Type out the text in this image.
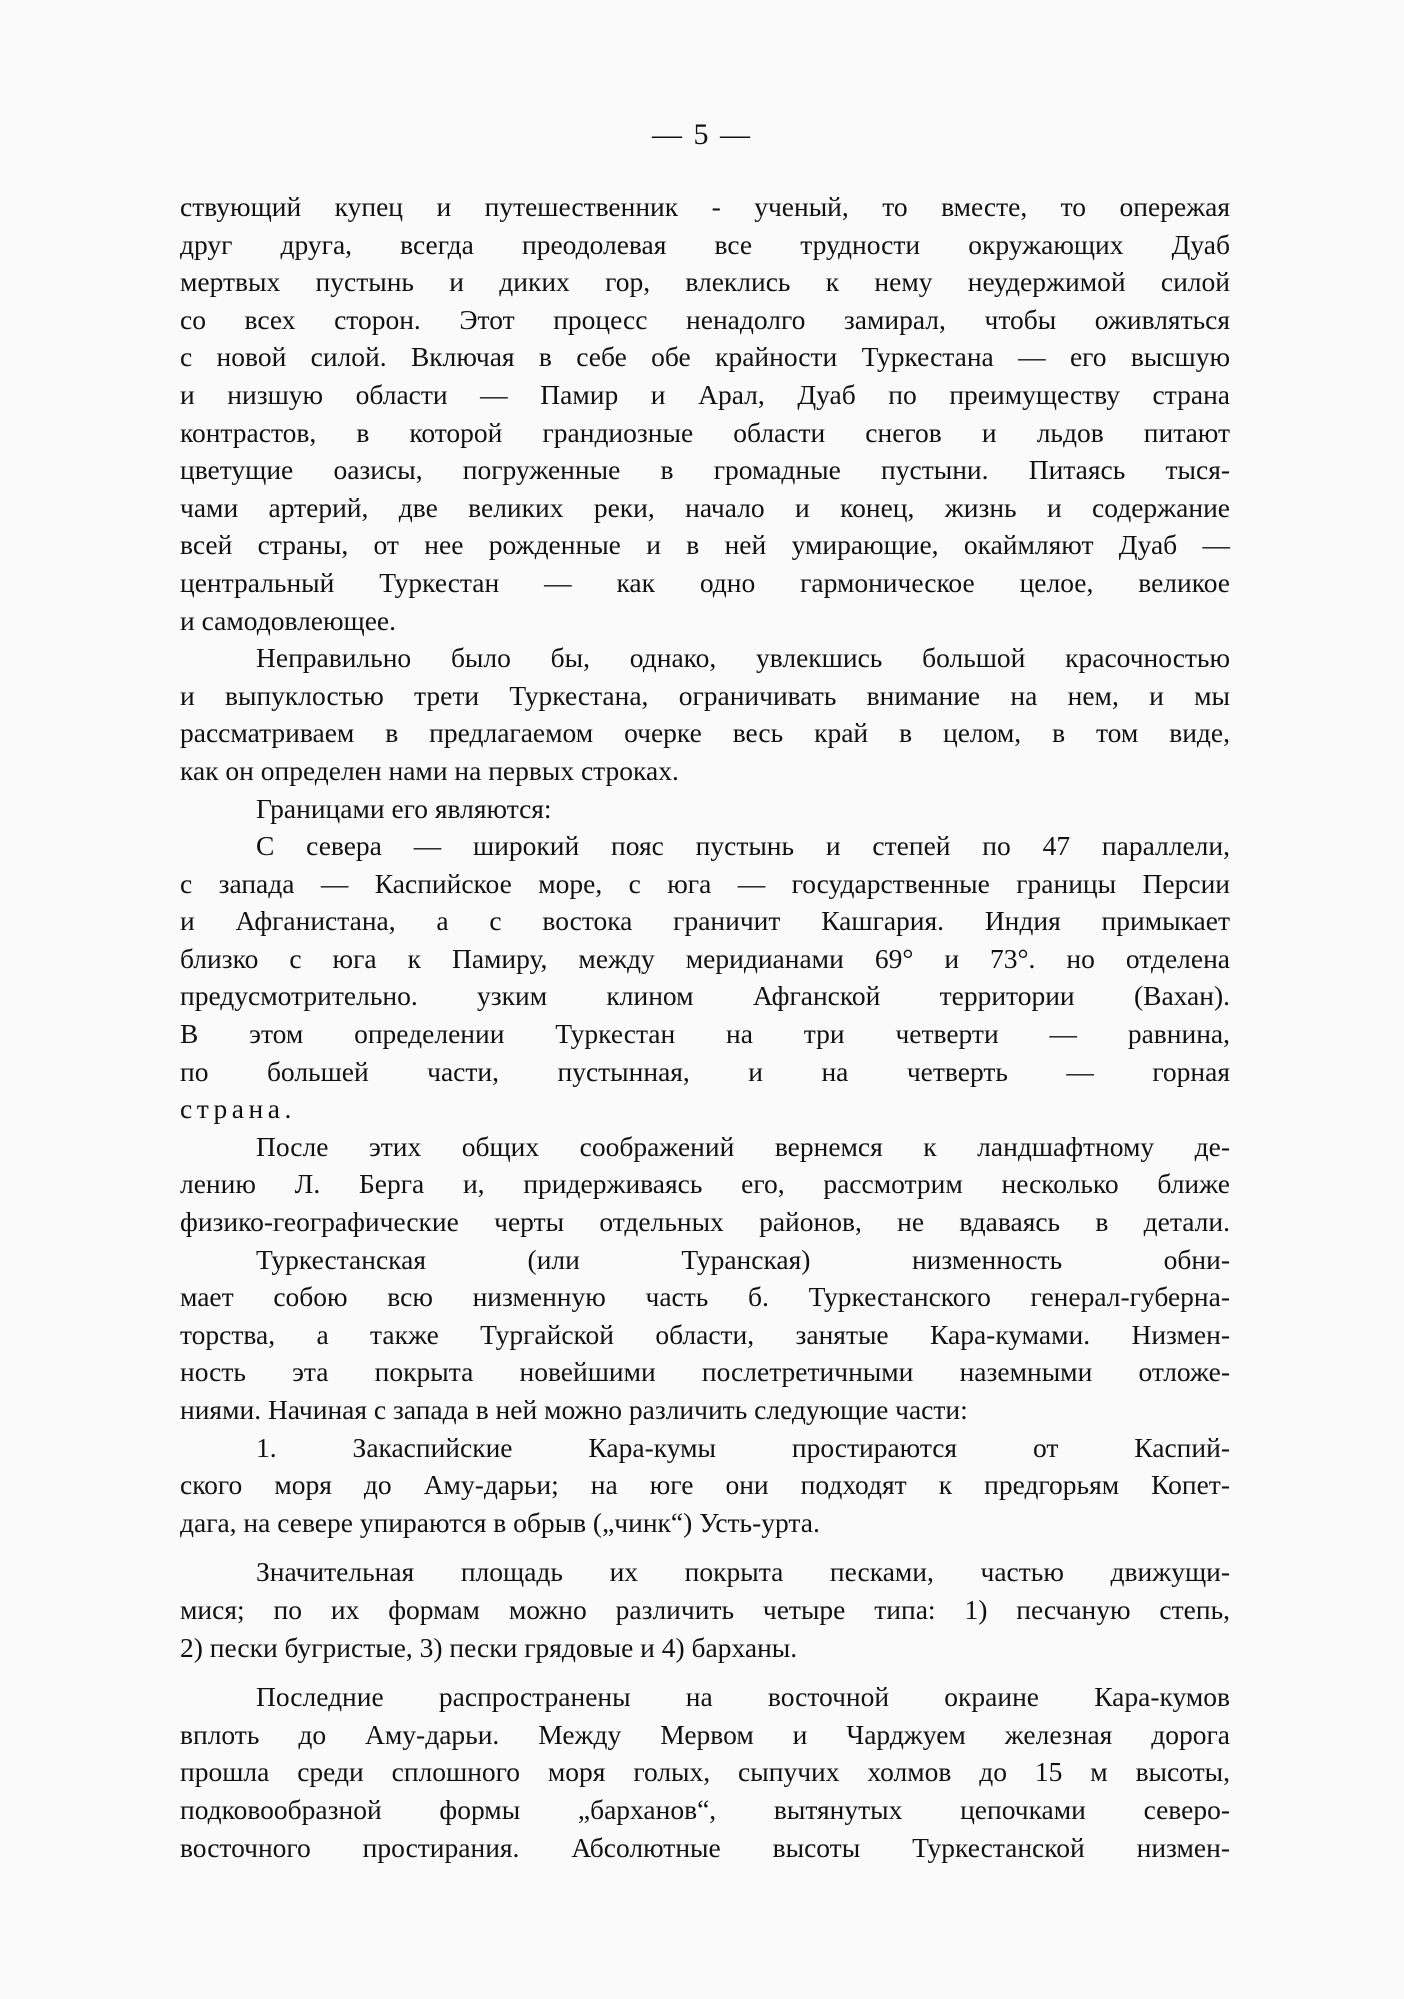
— 5 —
ствующий купец и путешественник - ученый, то вместе, то опережая
друг друга, всегда преодолевая все трудности окружающих Дуаб
мертвых пустынь и диких гор, влеклись к нему неудержимой силой
со всех сторон. Этот процесс ненадолго замирал, чтобы оживляться
с новой силой. Включая в себе обе крайности Туркестана — его высшую
и низшую области — Памир и Арал, Дуаб по преимуществу страна
контрастов, в которой грандиозные области снегов и льдов питают
цветущие оазисы, погруженные в громадные пустыни. Питаясь тыся-
чами артерий, две великих реки, начало и конец, жизнь и содержание
всей страны, от нее рожденные и в ней умирающие, окаймляют Дуаб —
центральный Туркестан — как одно гармоническое целое, великое
и самодовлеющее.
Неправильно было бы, однако, увлекшись большой красочностью
и выпуклостью трети Туркестана, ограничивать внимание на нем, и мы
рассматриваем в предлагаемом очерке весь край в целом, в том виде,
как он определен нами на первых строках.
Границами его являются:
С севера — широкий пояс пустынь и степей по 47 параллели,
с запада — Каспийское море, с юга — государственные границы Персии
и Афганистана, а с востока граничит Кашгария. Индия примыкает
близко с юга к Памиру, между меридианами 69° и 73°. но отделена
предусмотрительно. узким клином Афганской территории (Вахан).
В этом определении Туркестан на три четверти — равнина,
по большей части, пустынная, и на четверть — горная
страна.
После этих общих соображений вернемся к ландшафтному де-
лению Л. Берга и, придерживаясь его, рассмотрим несколько ближе
физико-географические черты отдельных районов, не вдаваясь в детали.
Туркестанская (или Туранская) низменность обни-
мает собою всю низменную часть б. Туркестанского генерал-губерна-
торства, а также Тургайской области, занятые Кара-кумами. Низмен-
ность эта покрыта новейшими послетретичными наземными отложе-
ниями. Начиная с запада в ней можно различить следующие части:
1. Закаспийские Кара-кумы простираются от Каспий-
ского моря до Аму-дарьи; на юге они подходят к предгорьям Копет-
дага, на севере упираются в обрыв („чинк“) Усть-урта.
Значительная площадь их покрыта песками, частью движущи-
мися; по их формам можно различить четыре типа: 1) песчаную степь,
2) пески бугристые, 3) пески грядовые и 4) барханы.
Последние распространены на восточной окраине Кара-кумов
вплоть до Аму-дарьи. Между Мервом и Чарджуем железная дорога
прошла среди сплошного моря голых, сыпучих холмов до 15 м высоты,
подковообразной формы „барханов“, вытянутых цепочками северо-
восточного простирания. Абсолютные высоты Туркестанской низмен-
